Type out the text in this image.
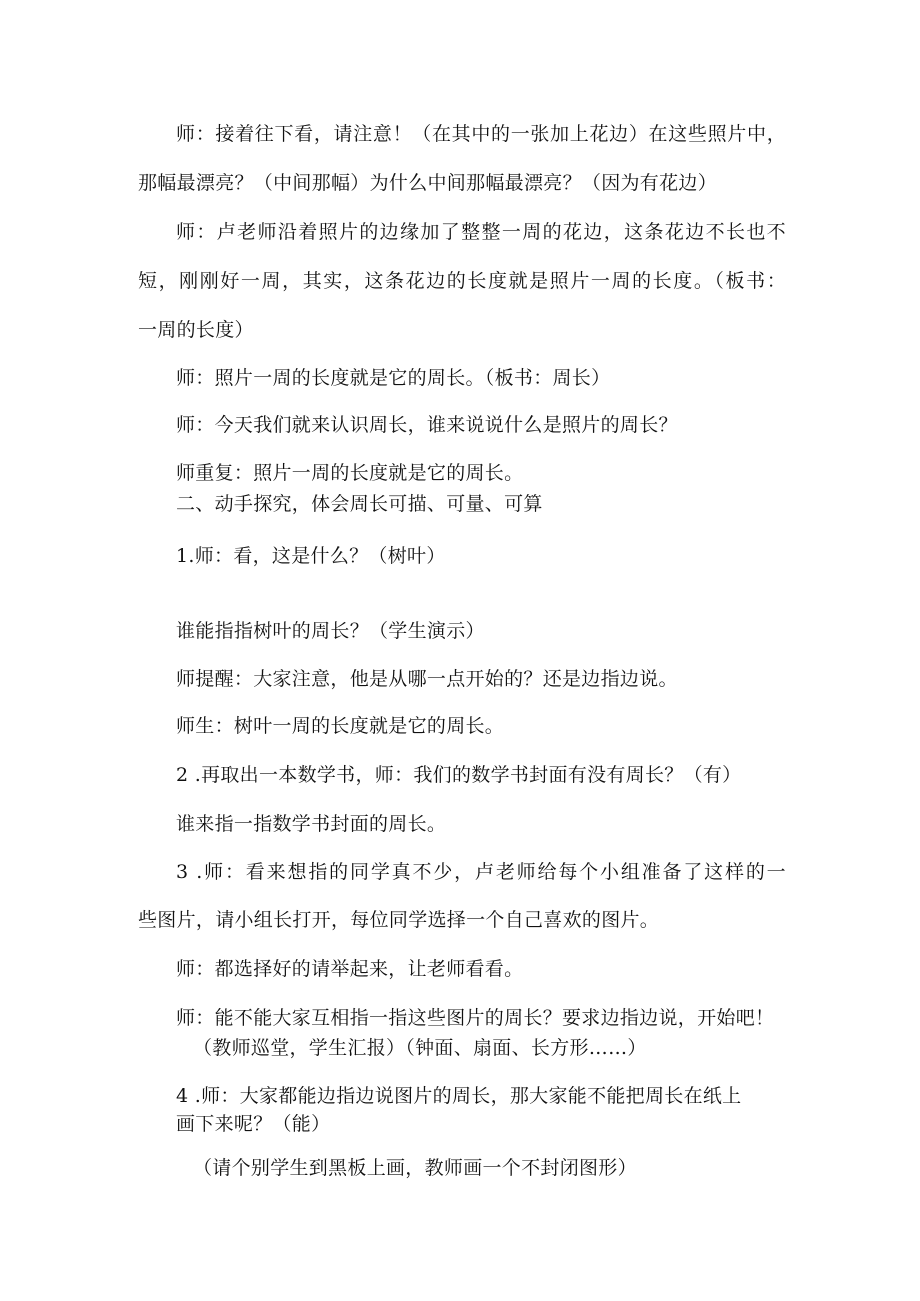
师：接着往下看，请注意！（在其中的一张加上花边）在这些照片中，
那幅最漂亮？（中间那幅）为什么中间那幅最漂亮？（因为有花边）
师：卢老师沿着照片的边缘加了整整一周的花边，这条花边不长也不
短，刚刚好一周，其实，这条花边的长度就是照片一周的长度。（板书：
一周的长度）
师：照片一周的长度就是它的周长。（板书：周长）
师：今天我们就来认识周长，谁来说说什么是照片的周长？
师重复：照片一周的长度就是它的周长。
二、动手探究，体会周长可描、可量、可算
1.师：看，这是什么？（树叶）
谁能指指树叶的周长？（学生演示）
师提醒：大家注意，他是从哪一点开始的？还是边指边说。
师生：树叶一周的长度就是它的周长。
2 .再取出一本数学书，师：我们的数学书封面有没有周长？（有）
谁来指一指数学书封面的周长。
3 .师：看来想指的同学真不少，卢老师给每个小组准备了这样的一
些图片，请小组长打开，每位同学选择一个自己喜欢的图片。
师：都选择好的请举起来，让老师看看。
师：能不能大家互相指一指这些图片的周长？要求边指边说，开始吧！
（教师巡堂，学生汇报）（钟面、扇面、长方形……）
4 .师：大家都能边指边说图片的周长，那大家能不能把周长在纸上
画下来呢？（能）
（请个别学生到黑板上画，教师画一个不封闭图形）
